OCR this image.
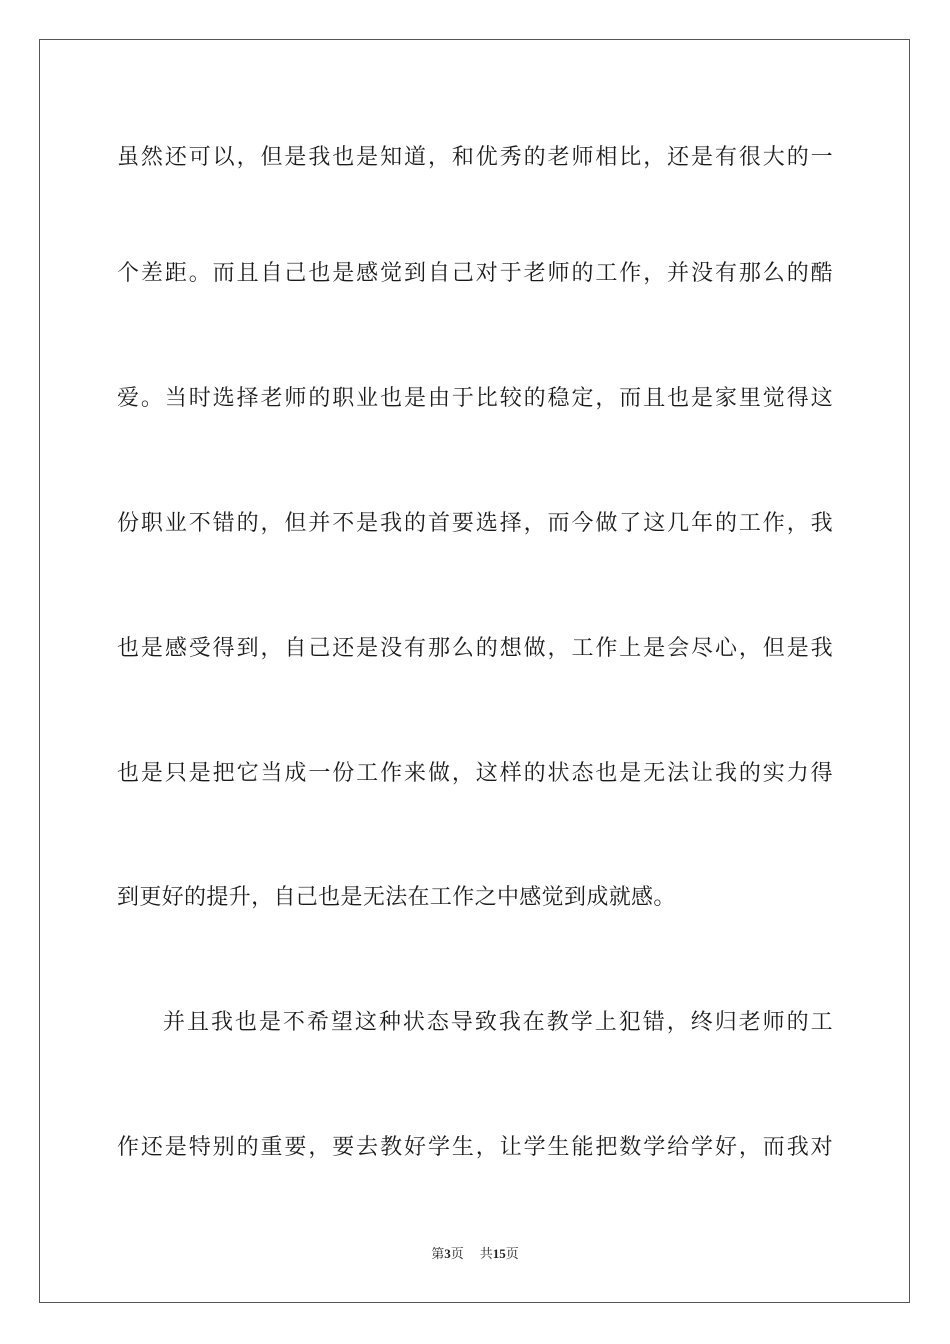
虽然还可以，但是我也是知道，和优秀的老师相比，还是有很大的一
个差距。而且自己也是感觉到自己对于老师的工作，并没有那么的酷
爱。当时选择老师的职业也是由于比较的稳定，而且也是家里觉得这
份职业不错的，但并不是我的首要选择，而今做了这几年的工作，我
也是感受得到，自己还是没有那么的想做，工作上是会尽心，但是我
也是只是把它当成一份工作来做，这样的状态也是无法让我的实力得
到更好的提升，自己也是无法在工作之中感觉到成就感。
并且我也是不希望这种状态导致我在教学上犯错，终归老师的工
作还是特别的重要，要去教好学生，让学生能把数学给学好，而我对
第3页 共15页
